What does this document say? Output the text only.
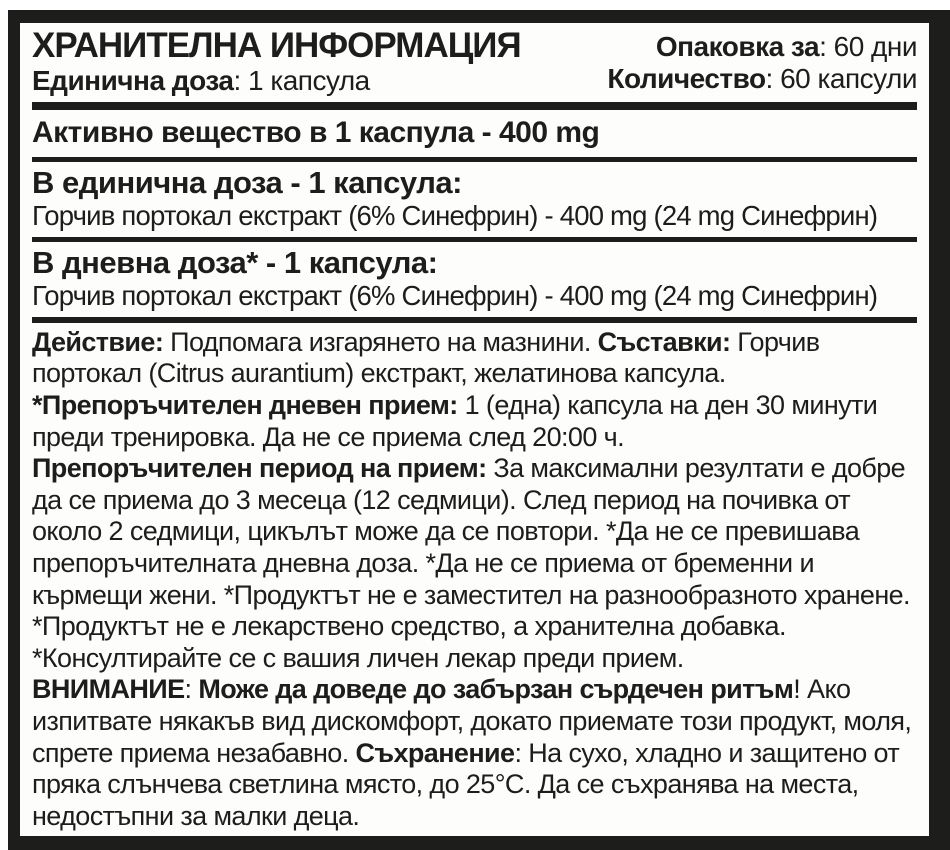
ХРАНИТЕЛНА ИНФОРМАЦИЯ
Единична доза: 1 капсула
Опаковка за: 60 дни
Количество: 60 капсули
Активно вещество в 1 каспула - 400 mg
В единична доза - 1 капсула:

Горчив портокал екстракт (6% Синефрин) - 400 mg (24 mg Синефрин)

В дневна доза* - 1 капсула:

Горчив портокал екстракт (6% Синефрин) - 400 mg (24 mg Синефрин)

Действие: Подпомага изгарянето на мазнини. Съставки: Горчив портокал (Citrus aurantium) екстракт, желатинова капсула.

*Препоръчителен дневен прием: 1 (една) капсула на ден 30 минути преди тренировка. Да не се приема след 20:00 ч.

Препоръчителен период на прием: За максимални резултати е добре да се приема до 3 месеца (12 седмици). След период на почивка от около 2 седмици, цикълът може да се повтори. *Да не се превишава препоръчителната дневна доза. *Да не се приема от бременни и кърмещи жени. *Продуктът не е заместител на разнообразното хранене. *Продуктът не е лекарствено средство, а хранителна добавка. *Консултирайте се с вашия личен лекар преди прием.

ВНИМАНИЕ: Може да доведе до забързан сърдечен ритъм! Ако изпитвате някакъв вид дискомфорт, докато приемате този продукт, моля, спрете приема незабавно. Съхранение: На сухо, хладно и защитено от пряка слънчева светлина място, до 25°C. Да се съхранява на места, недостъпни за малки деца.
